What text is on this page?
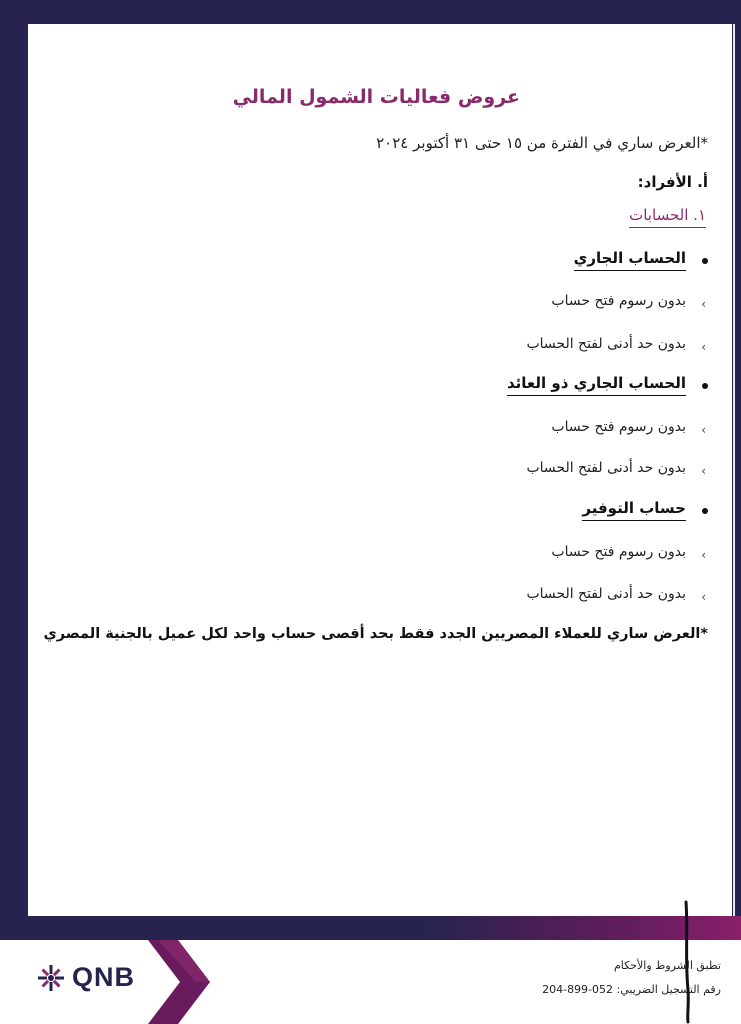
عروض فعاليات الشمول المالي
*العرض ساري في الفترة من ١٥ حتى ٣١ أكتوبر ٢٠٢٤
أ. الأفراد:
١. الحسابات
الحساب الجاري
‹
بدون رسوم فتح حساب
‹
بدون حد أدنى لفتح الحساب
الحساب الجاري ذو العائد
‹
بدون رسوم فتح حساب
‹
بدون حد أدنى لفتح الحساب
حساب التوفير
‹
بدون رسوم فتح حساب
‹
بدون حد أدنى لفتح الحساب
*العرض ساري للعملاء المصريين الجدد فقط بحد أقصى حساب واحد لكل عميل بالجنية المصري
QNB	تطبق الشروط والأحكام
رقم التسجيل الضريبي: 052-899-204
